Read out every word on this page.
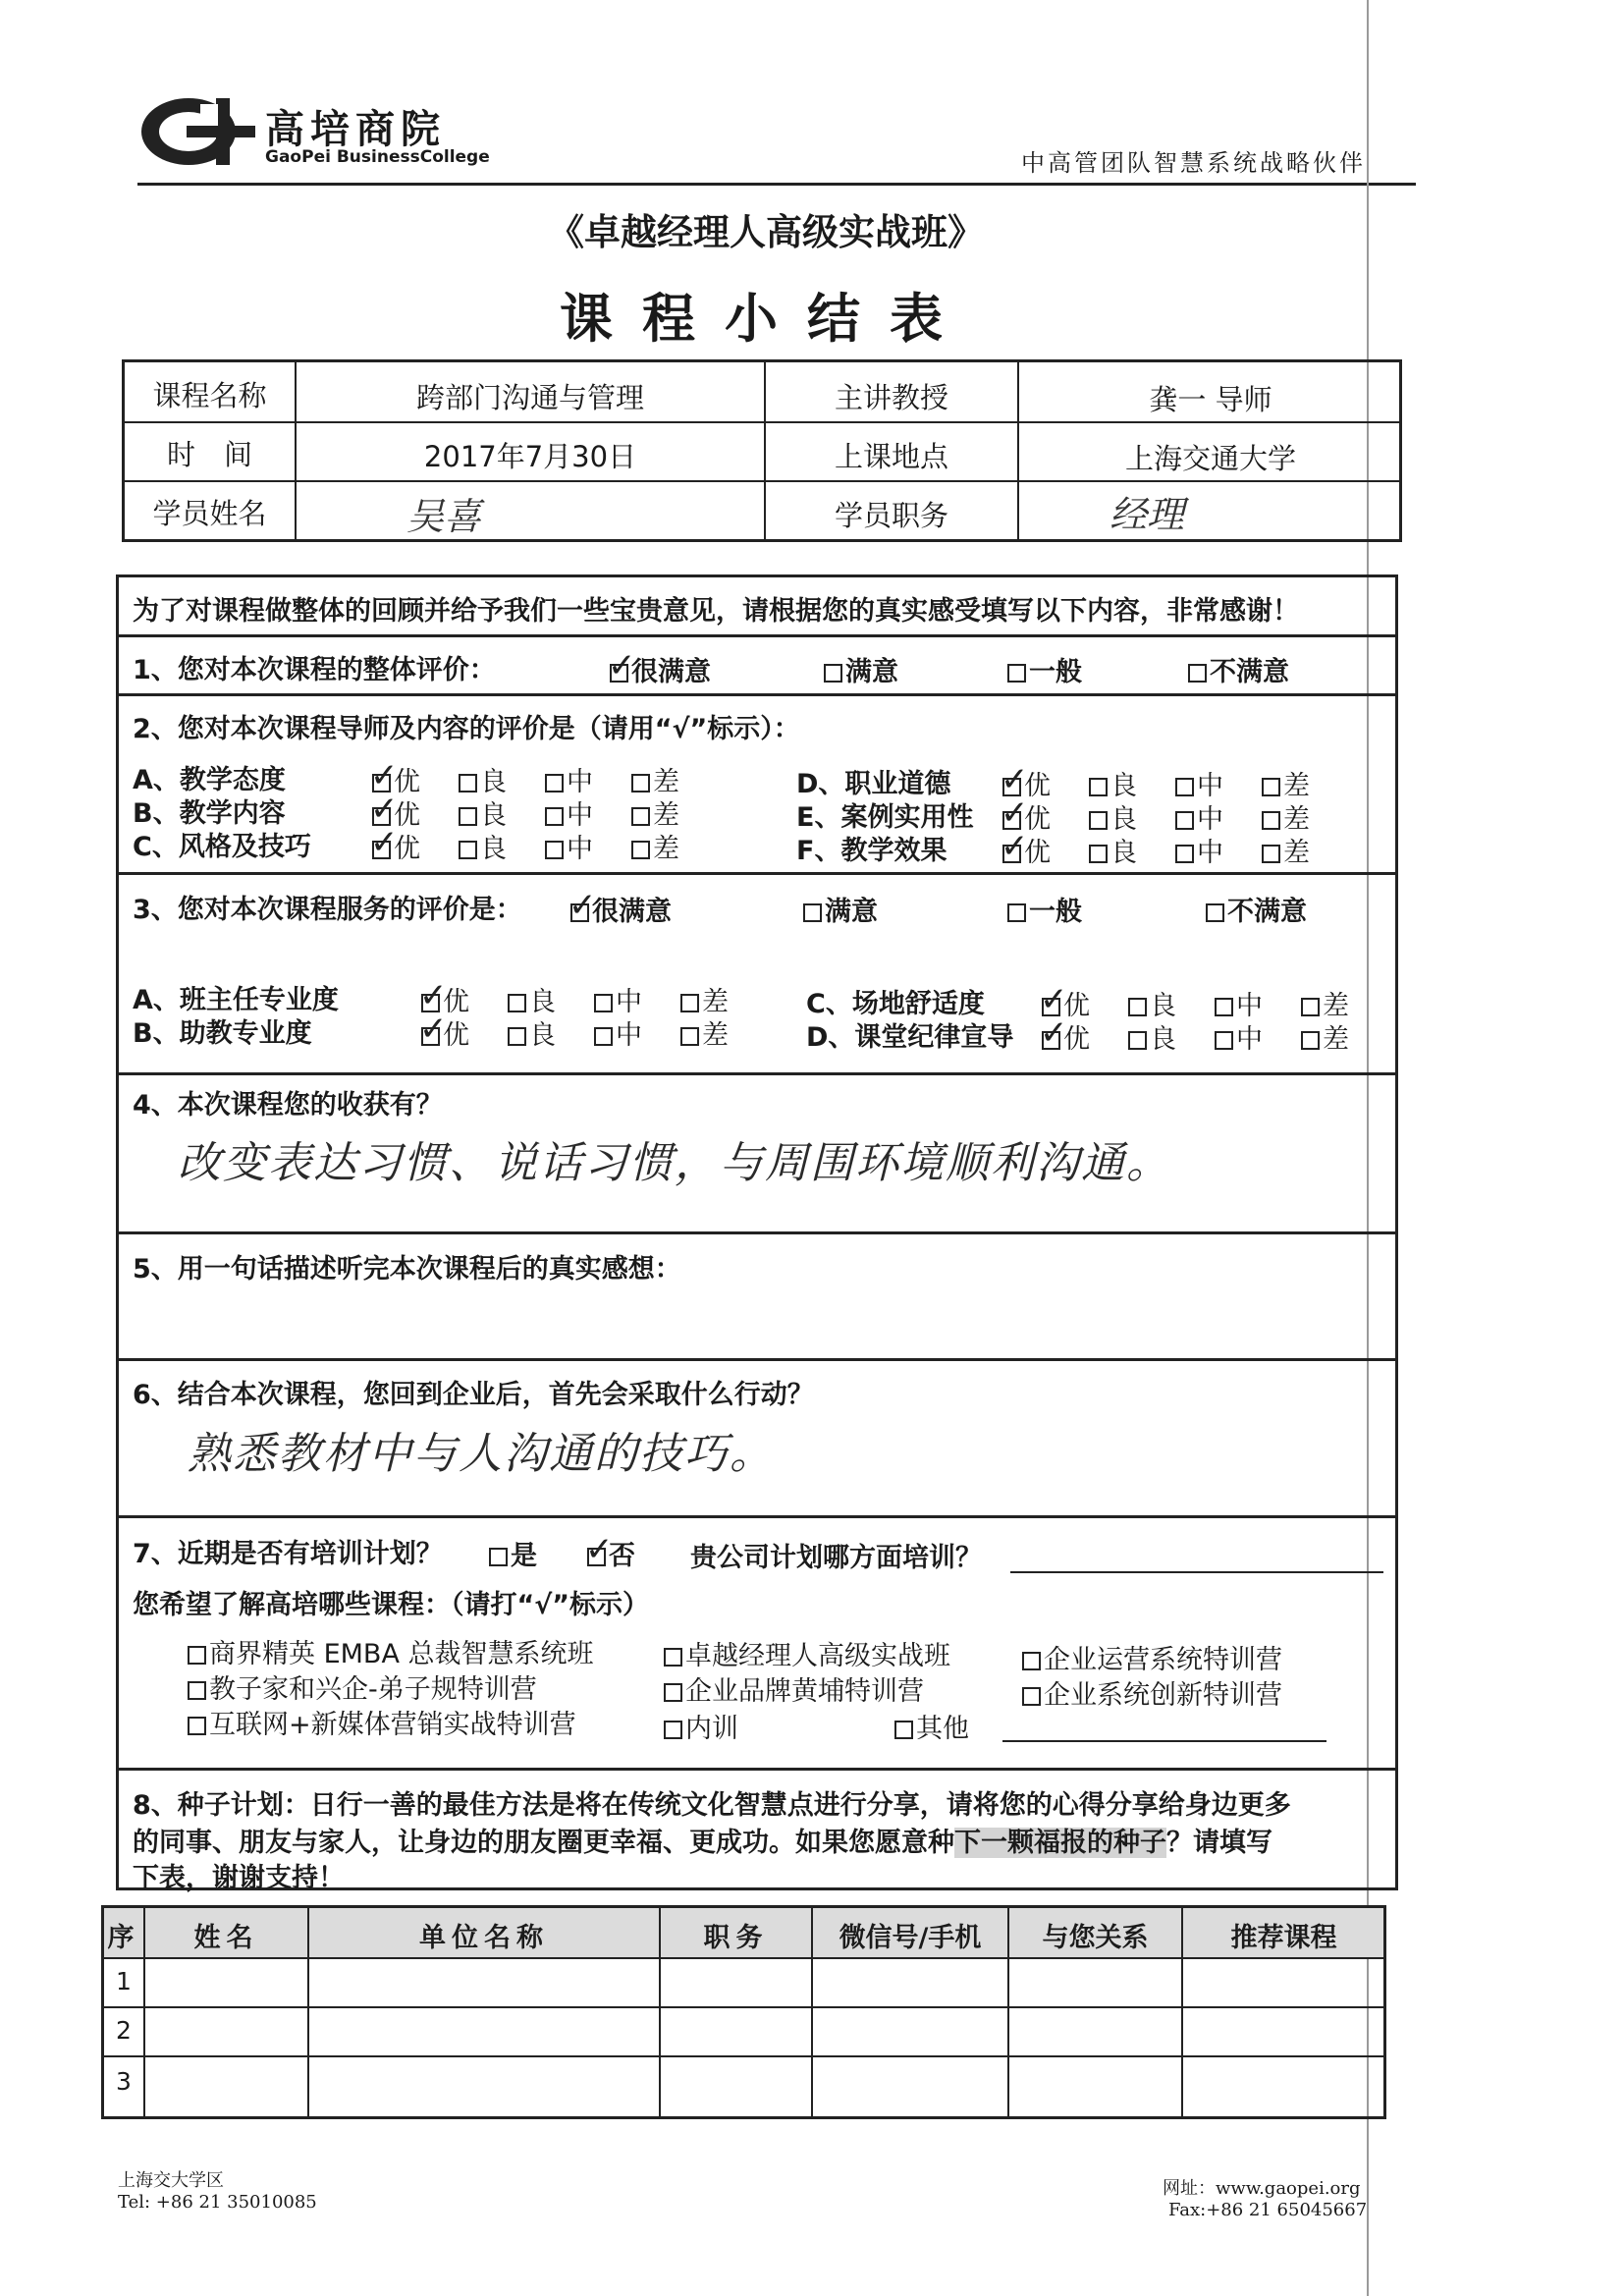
高培商院
GaoPei BusinessCollege	中高管团队智慧系统战略伙伴
《卓越经理人高级实战班》
课程小结表
课程名称	跨部门沟通与管理	主讲教授	龚一 导师
时　间	2017年7月30日	上课地点	上海交通大学
学员姓名	吴喜	学员职务	经理
为了对课程做整体的回顾并给予我们一些宝贵意见，请根据您的真实感受填写以下内容，非常感谢！
1、您对本次课程的整体评价： ✓	很满意	满意	一般	不满意
2、您对本次课程导师及内容的评价是（请用“√”标示）：
A、教学态度 ✓	优	良	中	差
B、教学内容 ✓	优	良	中	差
C、风格及技巧 ✓	优	良	中	差
D、职业道德 ✓	优	良	中	差
E、案例实用性 ✓	优	良	中	差
F、教学效果 ✓	优	良	中	差
3、您对本次课程服务的评价是： ✓	很满意	满意	一般	不满意
A、班主任专业度 ✓	优	良	中	差
B、助教专业度 ✓	优	良	中	差
C、场地舒适度 ✓	优	良	中	差
D、课堂纪律宣导 ✓	优	良	中	差
4、本次课程您的收获有？
改变表达习惯、说话习惯，与周围环境顺利沟通。
5、用一句话描述听完本次课程后的真实感想：
6、结合本次课程，您回到企业后，首先会采取什么行动？
熟悉教材中与人沟通的技巧。
7、近期是否有培训计划？	是 ✓	否 贵公司计划哪方面培训？
您希望了解高培哪些课程：（请打“√”标示）
商界精英 EMBA 总裁智慧系统班	卓越经理人高级实战班	企业运营系统特训营
教子家和兴企-弟子规特训营	企业品牌黄埔特训营	企业系统创新特训营
互联网+新媒体营销实战特训营	内训	其他
8、种子计划：日行一善的最佳方法是将在传统文化智慧点进行分享，请将您的心得分享给身边更多
的同事、朋友与家人，让身边的朋友圈更幸福、更成功。如果您愿意种下一颗福报的种子？请填写
下表，谢谢支持！
序	姓名	单位名称	职务	微信号/手机	与您关系	推荐课程
1
2
3
上海交大学区
Tel: +86 21 35010085
网址：www.gaopei.org
Fax:+86 21 65045667
